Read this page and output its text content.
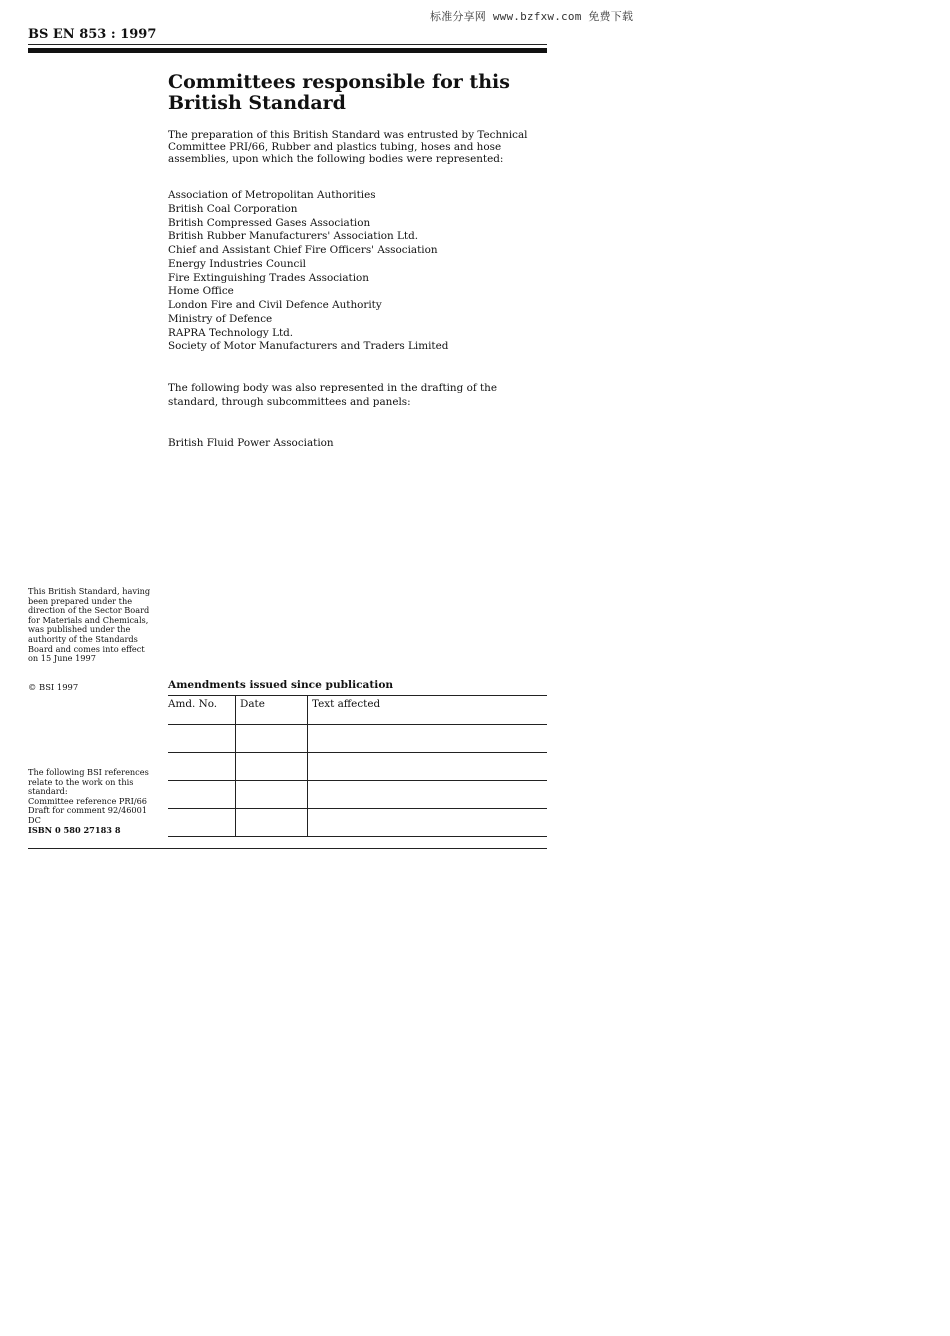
标准分享网 www.bzfxw.com 免费下载
BS EN 853 : 1997
Committees responsible for this
British Standard

The preparation of this British Standard was entrusted by Technical Committee PRI/66, Rubber and plastics tubing, hoses and hose assemblies, upon which the following bodies were represented:

Association of Metropolitan Authorities
British Coal Corporation
British Compressed Gases Association
British Rubber Manufacturers' Association Ltd.
Chief and Assistant Chief Fire Officers' Association
Energy Industries Council
Fire Extinguishing Trades Association
Home Office
London Fire and Civil Defence Authority
Ministry of Defence
RAPRA Technology Ltd.
Society of Motor Manufacturers and Traders Limited

The following body was also represented in the drafting of the standard, through subcommittees and panels:

British Fluid Power Association

This British Standard, having been prepared under the direction of the Sector Board for Materials and Chemicals, was published under the authority of the Standards Board and comes into effect on 15 June 1997

© BSI 1997	Amendments issued since publication
Amd. No.	Date	Text affected

The following BSI references relate to the work on this standard:
Committee reference PRI/66
Draft for comment 92/46001 DC

ISBN 0 580 27183 8
